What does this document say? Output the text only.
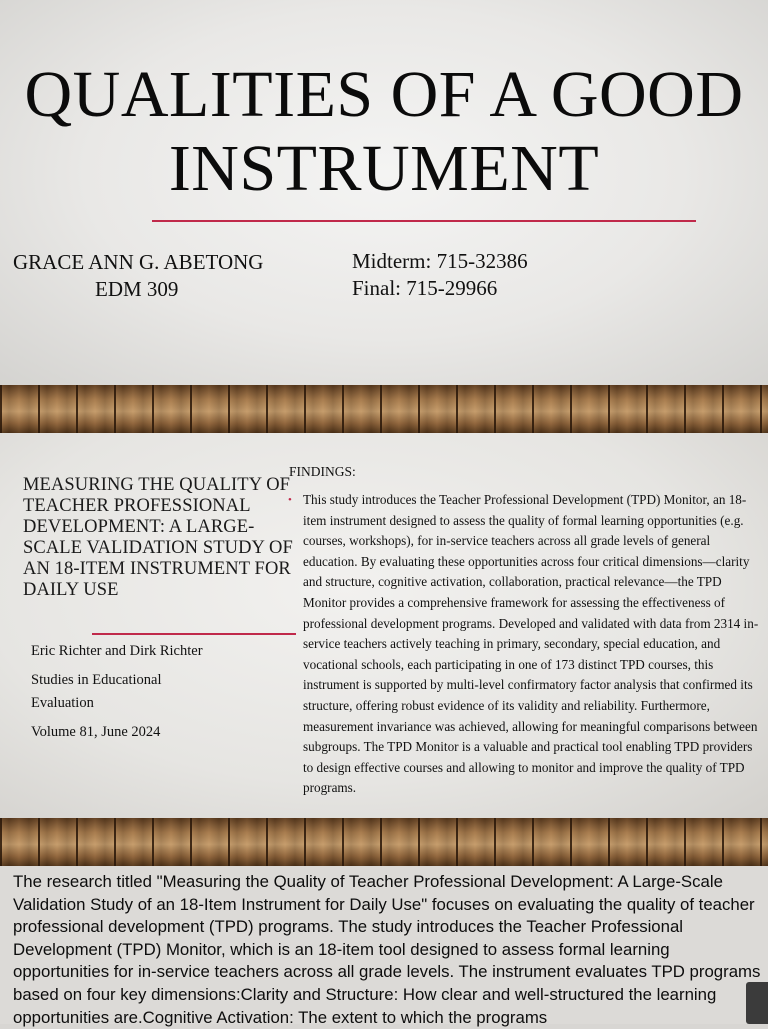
QUALITIES OF A GOOD
INSTRUMENT
GRACE ANN G. ABETONG
EDM 309
Midterm: 715-32386
Final: 715-29966
MEASURING THE QUALITY OF TEACHER PROFESSIONAL DEVELOPMENT: A LARGE-SCALE VALIDATION STUDY OF AN 18-ITEM INSTRUMENT FOR DAILY USE
Eric Richter and Dirk Richter
Studies in Educational
Evaluation
Volume 81, June 2024
FINDINGS:
• This study introduces the Teacher Professional Development (TPD) Monitor, an 18-item instrument designed to assess the quality of formal learning opportunities (e.g. courses, workshops), for in-service teachers across all grade levels of general education. By evaluating these opportunities across four critical dimensions—clarity and structure, cognitive activation, collaboration, practical relevance—the TPD Monitor provides a comprehensive framework for assessing the effectiveness of professional development programs. Developed and validated with data from 2314 in-service teachers actively teaching in primary, secondary, special education, and vocational schools, each participating in one of 173 distinct TPD courses, this instrument is supported by multi-level confirmatory factor analysis that confirmed its structure, offering robust evidence of its validity and reliability. Furthermore, measurement invariance was achieved, allowing for meaningful comparisons between subgroups. The TPD Monitor is a valuable and practical tool enabling TPD providers to design effective courses and allowing to monitor and improve the quality of TPD programs.
The research titled "Measuring the Quality of Teacher Professional Development: A Large-Scale Validation Study of an 18-Item Instrument for Daily Use" focuses on evaluating the quality of teacher professional development (TPD) programs. The study introduces the Teacher Professional Development (TPD) Monitor, which is an 18-item tool designed to assess formal learning opportunities for in-service teachers across all grade levels. The instrument evaluates TPD programs based on four key dimensions:Clarity and Structure: How clear and well-structured the learning opportunities are.Cognitive Activation: The extent to which the programs
